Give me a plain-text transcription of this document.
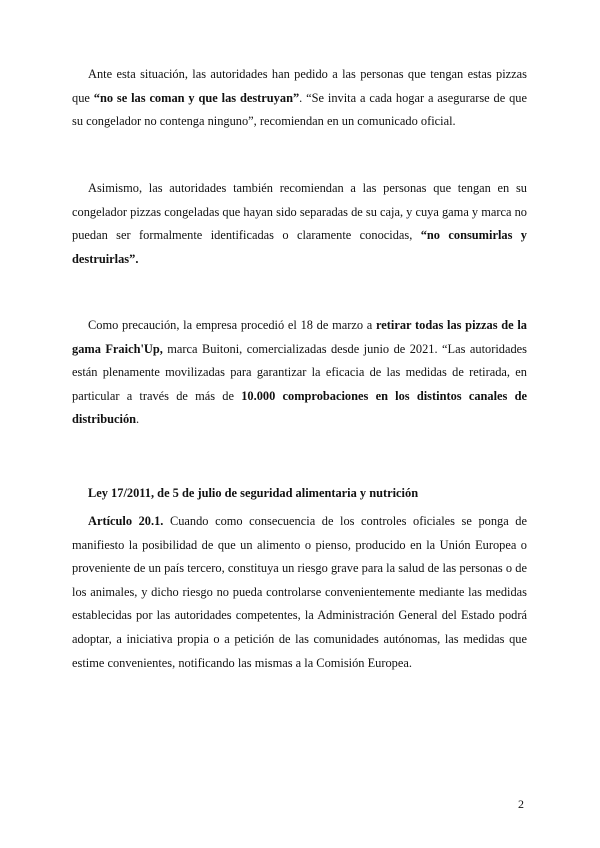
Ante esta situación, las autoridades han pedido a las personas que tengan estas pizzas que “no se las coman y que las destruyan”. “Se invita a cada hogar a asegurarse de que su congelador no contenga ninguno”, recomiendan en un comunicado oficial.

Asimismo, las autoridades también recomiendan a las personas que tengan en su congelador pizzas congeladas que hayan sido separadas de su caja, y cuya gama y marca no puedan ser formalmente identificadas o claramente conocidas, “no consumirlas y destruirlas”.

Como precaución, la empresa procedió el 18 de marzo a retirar todas las pizzas de la gama Fraich'Up, marca Buitoni, comercializadas desde junio de 2021. “Las autoridades están plenamente movilizadas para garantizar la eficacia de las medidas de retirada, en particular a través de más de 10.000 comprobaciones en los distintos canales de distribución.

Ley 17/2011, de 5 de julio de seguridad alimentaria y nutrición

Artículo 20.1. Cuando como consecuencia de los controles oficiales se ponga de manifiesto la posibilidad de que un alimento o pienso, producido en la Unión Europea o proveniente de un país tercero, constituya un riesgo grave para la salud de las personas o de los animales, y dicho riesgo no pueda controlarse convenientemente mediante las medidas establecidas por las autoridades competentes, la Administración General del Estado podrá adoptar, a iniciativa propia o a petición de las comunidades autónomas, las medidas que estime convenientes, notificando las mismas a la Comisión Europea.

2
